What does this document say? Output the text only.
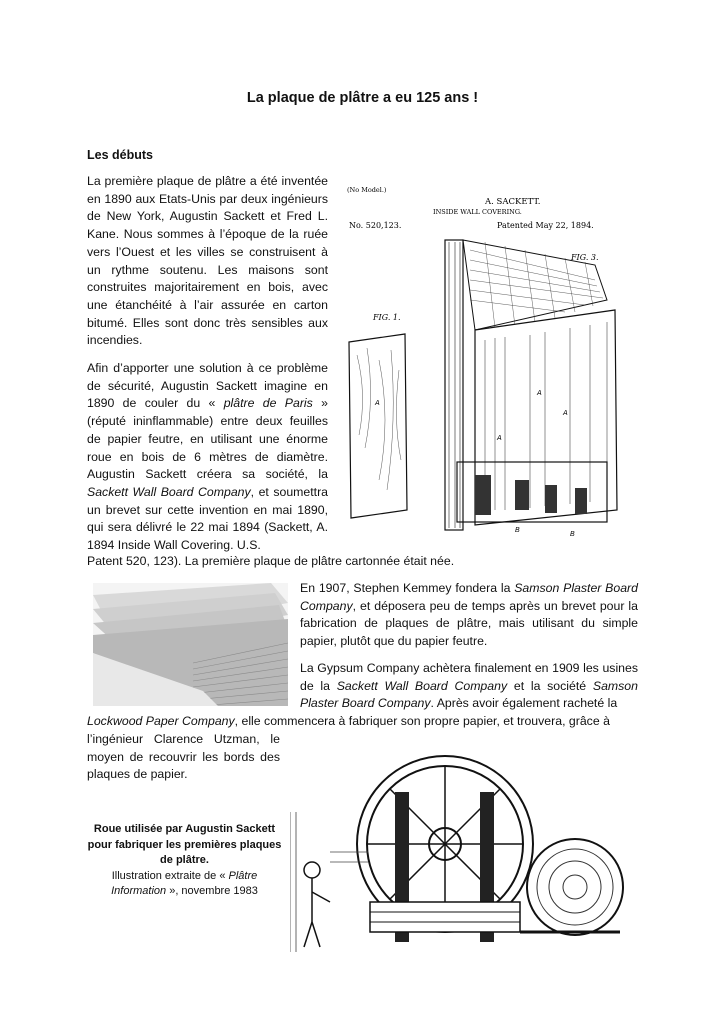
La plaque de plâtre a eu 125 ans !
Les débuts

La première plaque de plâtre a été inventée en 1890 aux Etats-Unis par deux ingénieurs de New York, Augustin Sackett et Fred L. Kane. Nous sommes à l’époque de la ruée vers l’Ouest et les villes se construisent à un rythme soutenu. Les maisons sont construites majoritairement en bois, avec une étanchéité à l’air assurée en carton bitumé. Elles sont donc très sensibles aux incendies.

Afin d’apporter une solution à ce problème de sécurité, Augustin Sackett imagine en 1890 de couler du « plâtre de Paris » (réputé ininflammable) entre deux feuilles de papier feutre, en utilisant une énorme roue en bois de 6 mètres de diamètre. Augustin Sackett créera sa société, la Sackett Wall Board Company, et soumettra un brevet sur cette invention en mai 1890, qui sera délivré le 22 mai 1894 (Sackett, A. 1894 Inside Wall Covering. U.S.

Patent 520, 123). La première plaque de plâtre cartonnée était née.

(No Model.)
A. SACKETT.
INSIDE WALL COVERING.
No. 520,123.	Patented May 22, 1894.
FIG. 3.
FIG. 1.
A
A
A
A
B
B

En 1907, Stephen Kemmey fondera la Samson Plaster Board Company, et déposera peu de temps après un brevet pour la fabrication de plaques de plâtre, mais utilisant du simple papier, plutôt que du papier feutre.

La Gypsum Company achètera finalement en 1909 les usines de la Sackett Wall Board Company et la société Samson Plaster Board Company. Après avoir également racheté la

Lockwood Paper Company, elle commencera à fabriquer son propre papier, et trouvera, grâce à

l’ingénieur Clarence Utzman, le moyen de recouvrir les bords des plaques de papier.

Roue utilisée par Augustin Sackett pour fabriquer les premières plaques de plâtre.
Illustration extraite de « Plâtre Information », novembre 1983
